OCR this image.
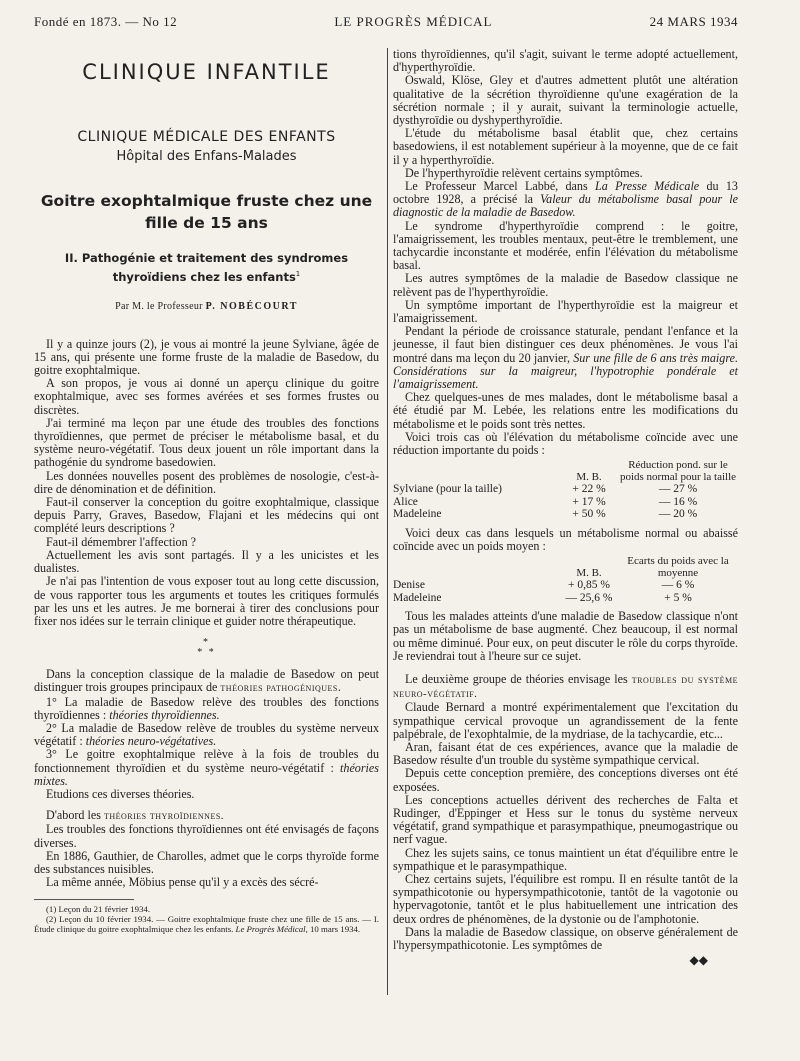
Fondé en 1873. — No 12	LE PROGRÈS MÉDICAL	24 MARS 1934
CLINIQUE INFANTILE
CLINIQUE MÉDICALE DES ENFANTS
Hôpital des Enfans-Malades
Goitre exophtalmique fruste chez une fille de 15 ans
II. Pathogénie et traitement des syndromes thyroïdiens chez les enfants$^1$
Par M. le Professeur P. NOBÉCOURT

Il y a quinze jours (2), je vous ai montré la jeune Sylviane, âgée de 15 ans, qui présente une forme fruste de la maladie de Basedow, du goitre exophtalmique.

A son propos, je vous ai donné un aperçu clinique du goitre exophtalmique, avec ses formes avérées et ses formes frustes ou discrètes.

J'ai terminé ma leçon par une étude des troubles des fonctions thyroïdiennes, que permet de préciser le métabolisme basal, et du système neuro-végétatif. Tous deux jouent un rôle important dans la pathogénie du syndrome basedowien.

Les données nouvelles posent des problèmes de nosologie, c'est-à-dire de dénomination et de définition.

Faut-il conserver la conception du goitre exophtalmique, classique depuis Parry, Graves, Basedow, Flajani et les médecins qui ont complété leurs descriptions ?

Faut-il démembrer l'affection ?

Actuellement les avis sont partagés. Il y a les unicistes et les dualistes.

Je n'ai pas l'intention de vous exposer tout au long cette discussion, de vous rapporter tous les arguments et toutes les critiques formulés par les uns et les autres. Je me bornerai à tirer des conclusions pour fixer nos idées sur le terrain clinique et guider notre thérapeutique.

*
* *

Dans la conception classique de la maladie de Basedow on peut distinguer trois groupes principaux de théories pathogéniques.

1° La maladie de Basedow relève des troubles des fonctions thyroïdiennes : théories thyroïdiennes.

2° La maladie de Basedow relève de troubles du système nerveux végétatif : théories neuro-végétatives.

3° Le goitre exophtalmique relève à la fois de troubles du fonctionnement thyroïdien et du système neuro-végétatif : théories mixtes.

Etudions ces diverses théories.

D'abord les théories thyroïdiennes.

Les troubles des fonctions thyroïdiennes ont été envisagés de façons diverses.

En 1886, Gauthier, de Charolles, admet que le corps thyroïde forme des substances nuisibles.

La même année, Möbius pense qu'il y a excès des sécré-

(1) Leçon du 21 février 1934.

(2) Leçon du 10 février 1934. — Goitre exophtalmique fruste chez une fille de 15 ans. — I. Étude clinique du goitre exophtalmique chez les enfants. Le Progrès Médical, 10 mars 1934.

tions thyroïdiennes, qu'il s'agit, suivant le terme adopté actuellement, d'hyperthyroïdie.

Oswald, Klöse, Gley et d'autres admettent plutôt une altération qualitative de la sécrétion thyroïdienne qu'une exagération de la sécrétion normale ; il y aurait, suivant la terminologie actuelle, dysthyroïdie ou dyshyperthyroïdie.

L'étude du métabolisme basal établit que, chez certains basedowiens, il est notablement supérieur à la moyenne, que de ce fait il y a hyperthyroïdie.

De l'hyperthyroïdie relèvent certains symptômes.

Le Professeur Marcel Labbé, dans La Presse Médicale du 13 octobre 1928, a précisé la Valeur du métabolisme basal pour le diagnostic de la maladie de Basedow.

Le syndrome d'hyperthyroïdie comprend : le goitre, l'amaigrissement, les troubles mentaux, peut-être le tremblement, une tachycardie inconstante et modérée, enfin l'élévation du métabolisme basal.

Les autres symptômes de la maladie de Basedow classique ne relèvent pas de l'hyperthyroïdie.

Un symptôme important de l'hyperthyroïdie est la maigreur et l'amaigrissement.

Pendant la période de croissance staturale, pendant l'enfance et la jeunesse, il faut bien distinguer ces deux phénomènes. Je vous l'ai montré dans ma leçon du 20 janvier, Sur une fille de 6 ans très maigre. Considérations sur la maigreur, l'hypotrophie pondérale et l'amaigrissement.

Chez quelques-unes de mes malades, dont le métabolisme basal a été étudié par M. Lebée, les relations entre les modifications du métabolisme et le poids sont très nettes.

Voici trois cas où l'élévation du métabolisme coïncide avec une réduction importante du poids :

	M. B.	Réduction pond. sur le poids normal pour la taille
Sylviane (pour la taille)	+ 22 %	— 27 %
Alice	+ 17 %	— 16 %
Madeleine	+ 50 %	— 20 %

Voici deux cas dans lesquels un métabolisme normal ou abaissé coïncide avec un poids moyen :

	M. B.	Ecarts du poids avec la moyenne
Denise	+ 0,85 %	— 6 %
Madeleine	— 25,6 %	+ 5 %

Tous les malades atteints d'une maladie de Basedow classique n'ont pas un métabolisme de base augmenté. Chez beaucoup, il est normal ou même diminué. Pour eux, on peut discuter le rôle du corps thyroïde. Je reviendrai tout à l'heure sur ce sujet.

Le deuxième groupe de théories envisage les troubles du système neuro-végétatif.

Claude Bernard a montré expérimentalement que l'excitation du sympathique cervical provoque un agrandissement de la fente palpébrale, de l'exophtalmie, de la mydriase, de la tachycardie, etc...

Aran, faisant état de ces expériences, avance que la maladie de Basedow résulte d'un trouble du système sympathique cervical.

Depuis cette conception première, des conceptions diverses ont été exposées.

Les conceptions actuelles dérivent des recherches de Falta et Rudinger, d'Eppinger et Hess sur le tonus du système nerveux végétatif, grand sympathique et parasympathique, pneumogastrique ou nerf vague.

Chez les sujets sains, ce tonus maintient un état d'équilibre entre le sympathique et le parasympathique.

Chez certains sujets, l'équilibre est rompu. Il en résulte tantôt de la sympathicotonie ou hypersympathicotonie, tantôt de la vagotonie ou hypervagotonie, tantôt et le plus habituellement une intrication des deux ordres de phénomènes, de la dystonie ou de l'amphotonie.

Dans la maladie de Basedow classique, on observe généralement de l'hypersympathicotonie. Les symptômes de

◆◆
